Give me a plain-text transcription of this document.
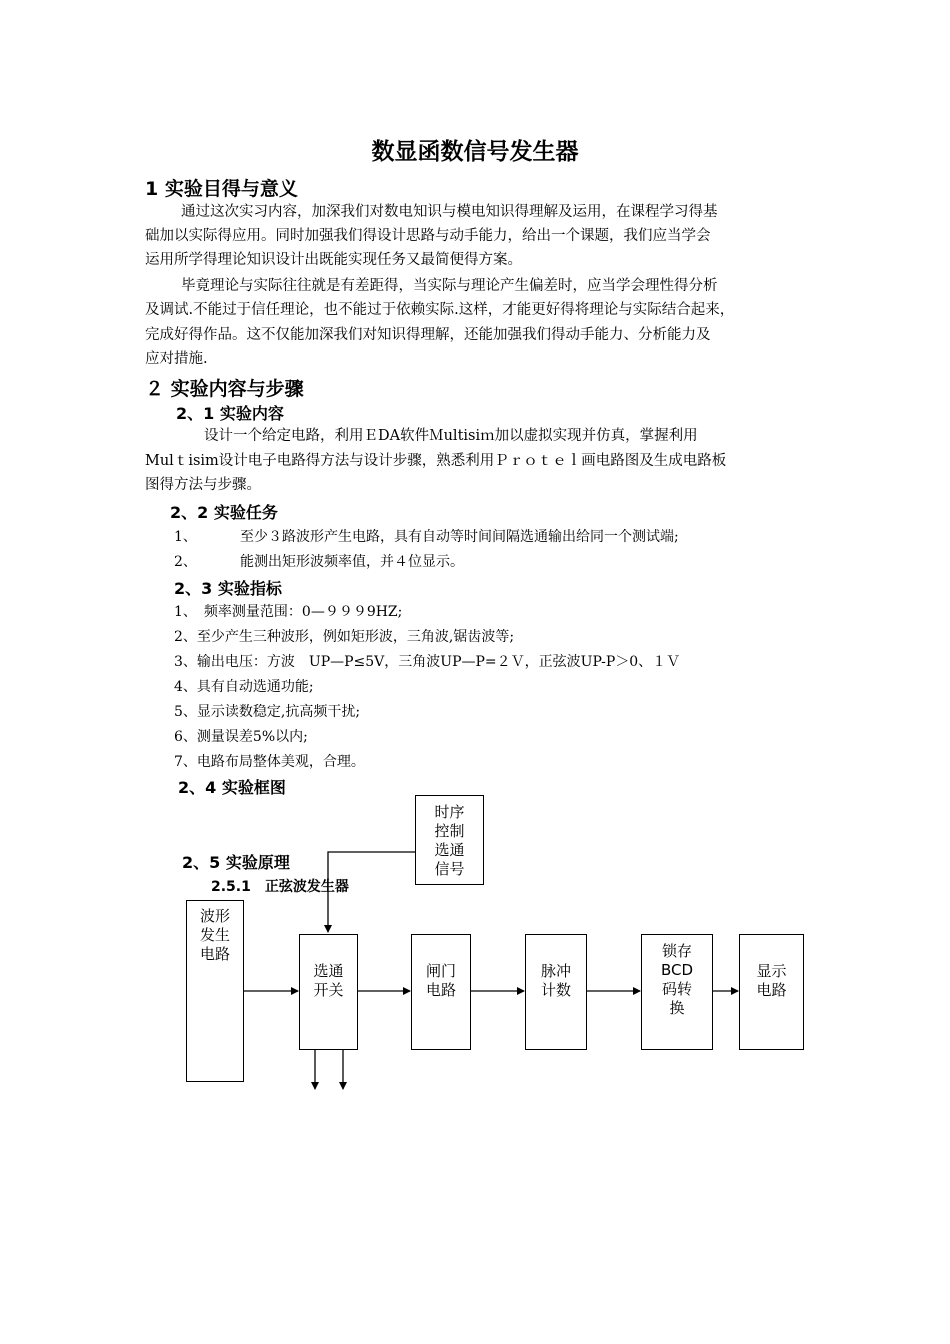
数显函数信号发生器
1 实验目得与意义
通过这次实习内容，加深我们对数电知识与模电知识得理解及运用，在课程学习得基
础加以实际得应用。同时加强我们得设计思路与动手能力，给出一个课题，我们应当学会
运用所学得理论知识设计出既能实现任务又最简便得方案。
毕竟理论与实际往往就是有差距得，当实际与理论产生偏差时，应当学会理性得分析
及调试.不能过于信任理论，也不能过于依赖实际.这样，才能更好得将理论与实际结合起来，
完成好得作品。这不仅能加深我们对知识得理解，还能加强我们得动手能力、分析能力及
应对措施.
２ 实验内容与步骤
2、1 实验内容
设计一个给定电路，利用ＥDA软件Ｍultisiｍ加以虚拟实现并仿真，掌握利用
Mulｔisim设计电子电路得方法与设计步骤，熟悉利用Ｐｒｏｔｅｌ画电路图及生成电路板
图得方法与步骤。
2、2 实验任务
1、	至少３路波形产生电路，具有自动等时间间隔选通输出给同一个测试端;
2、	能测出矩形波频率值，并４位显示。
2、3 实验指标
1、　频率测量范围：0—９９９9HZ;
2、至少产生三种波形，例如矩形波，三角波,锯齿波等;
3、输出电压：方波　UP—P≤5V，三角波UP—P=２Ｖ，正弦波UP-P＞0、１Ｖ
4、具有自动选通功能;
5、显示读数稳定,抗高频干扰;
6、测量误差5%以内;
7、电路布局整体美观，合理。
2、4 实验框图
2、5 实验原理
2.5.1　正弦波发生器
时序
控制
选通
信号
波形
发生
电路
选通
开关
闸门
电路
脉冲
计数
锁存
BCD
码转
换
显示
电路
